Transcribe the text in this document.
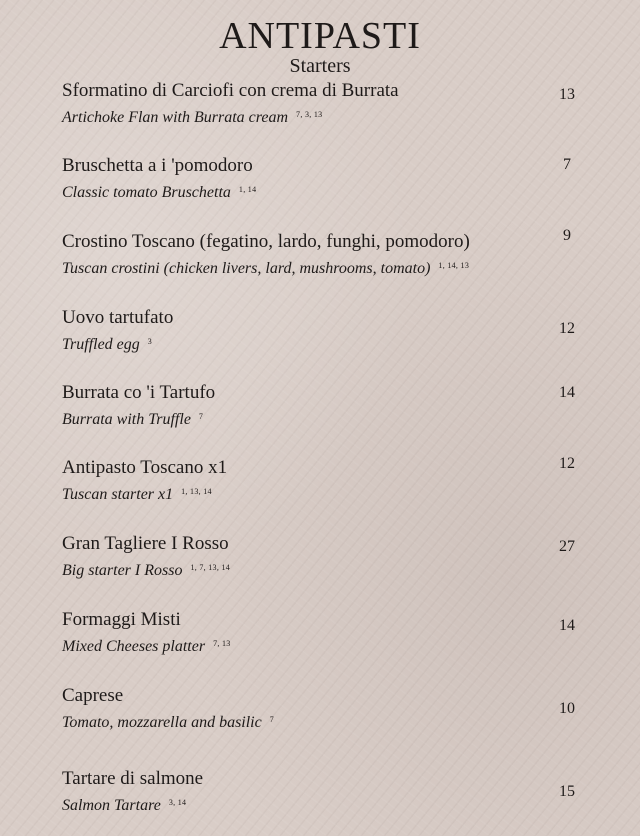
ANTIPASTI
Starters
Sformatino di Carciofi con crema di Burrata
Artichoke Flan with Burrata cream $^{7, 3, 13}$
13
Bruschetta a i 'pomodoro
Classic tomato Bruschetta $^{1, 14}$
7
Crostino Toscano (fegatino, lardo, funghi, pomodoro)
Tuscan crostini (chicken livers, lard, mushrooms, tomato) $^{1, 14, 13}$
9
Uovo tartufato
Truffled egg $^3$
12
Burrata co 'i Tartufo
Burrata with Truffle $^7$
14
Antipasto Toscano x1
Tuscan starter x1 $^{1, 13, 14}$
12
Gran Tagliere I Rosso
Big starter I Rosso $^{1, 7, 13, 14}$
27
Formaggi Misti
Mixed Cheeses platter $^{7, 13}$
14
Caprese
Tomato, mozzarella and basilic $^7$
10
Tartare di salmone
Salmon Tartare $^{3, 14}$
15
